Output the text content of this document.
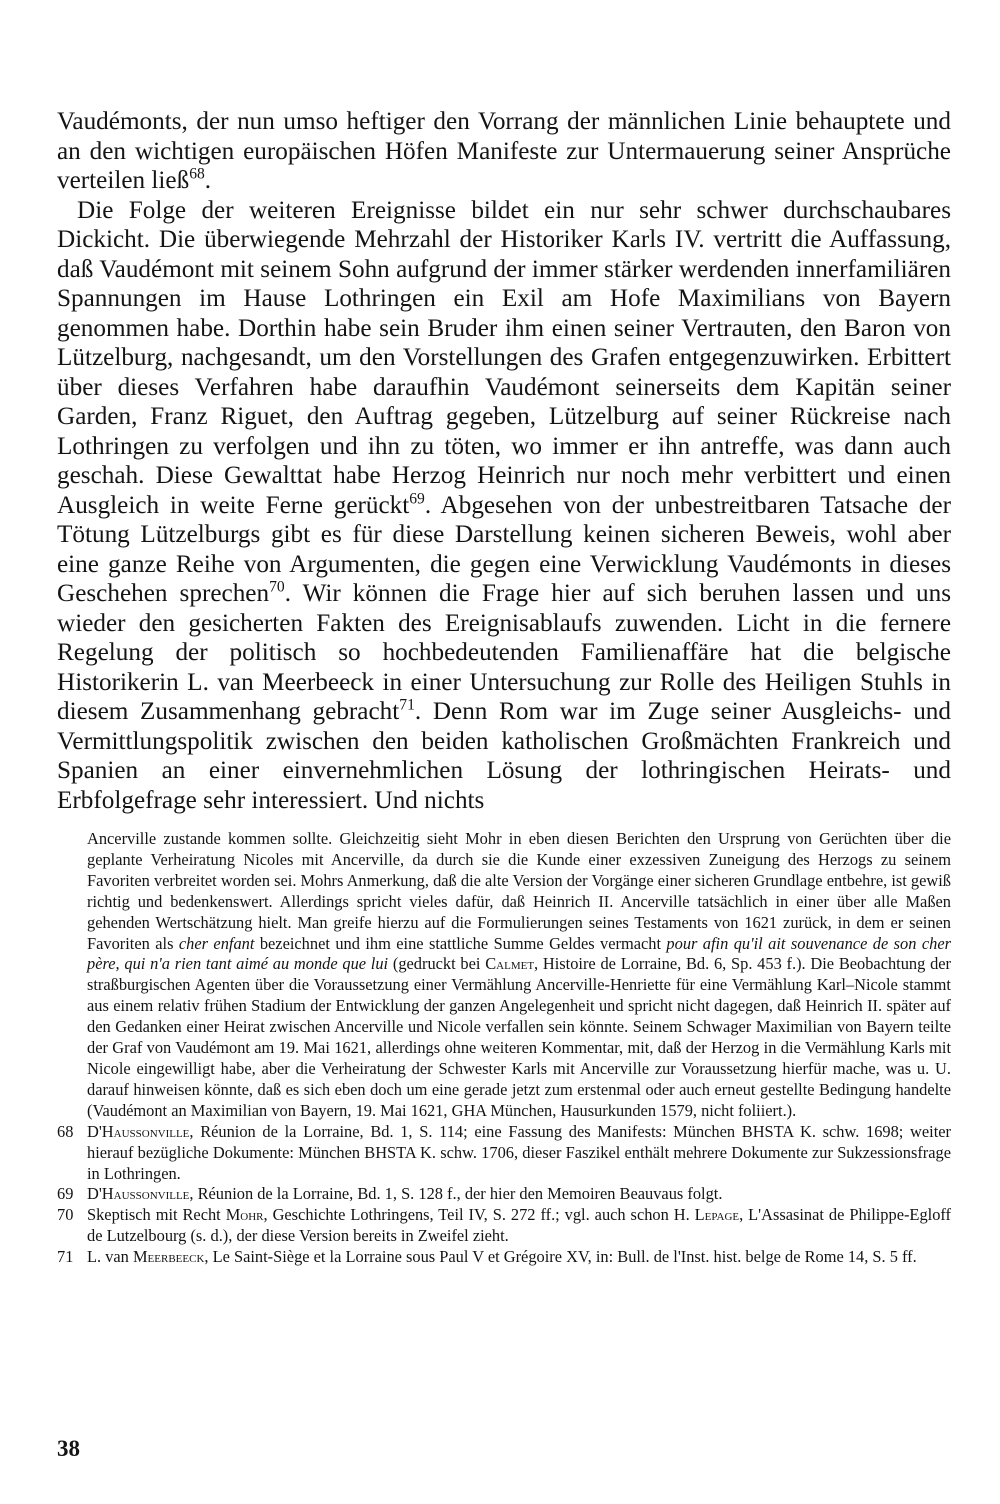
Vaudémonts, der nun umso heftiger den Vorrang der männlichen Linie behauptete und an den wichtigen europäischen Höfen Manifeste zur Untermauerung seiner Ansprüche verteilen ließ$^{68}$.

Die Folge der weiteren Ereignisse bildet ein nur sehr schwer durchschaubares Dickicht. Die überwiegende Mehrzahl der Historiker Karls IV. vertritt die Auffassung, daß Vaudémont mit seinem Sohn aufgrund der immer stärker werdenden innerfamiliären Spannungen im Hause Lothringen ein Exil am Hofe Maximilians von Bayern genommen habe. Dorthin habe sein Bruder ihm einen seiner Vertrauten, den Baron von Lützelburg, nachgesandt, um den Vorstellungen des Grafen entgegenzuwirken. Erbittert über dieses Verfahren habe daraufhin Vaudémont seinerseits dem Kapitän seiner Garden, Franz Riguet, den Auftrag gegeben, Lützelburg auf seiner Rückreise nach Lothringen zu verfolgen und ihn zu töten, wo immer er ihn antreffe, was dann auch geschah. Diese Gewalttat habe Herzog Heinrich nur noch mehr verbittert und einen Ausgleich in weite Ferne gerückt$^{69}$. Abgesehen von der unbestreitbaren Tatsache der Tötung Lützelburgs gibt es für diese Darstellung keinen sicheren Beweis, wohl aber eine ganze Reihe von Argumenten, die gegen eine Verwicklung Vaudémonts in dieses Geschehen sprechen$^{70}$. Wir können die Frage hier auf sich beruhen lassen und uns wieder den gesicherten Fakten des Ereignisablaufs zuwenden. Licht in die fernere Regelung der politisch so hochbedeutenden Familienaffäre hat die belgische Historikerin L. van Meerbeeck in einer Untersuchung zur Rolle des Heiligen Stuhls in diesem Zusammenhang gebracht$^{71}$. Denn Rom war im Zuge seiner Ausgleichs- und Vermittlungspolitik zwischen den beiden katholischen Großmächten Frankreich und Spanien an einer einvernehmlichen Lösung der lothringischen Heirats- und Erbfolgefrage sehr interessiert. Und nichts

Ancerville zustande kommen sollte. Gleichzeitig sieht Mohr in eben diesen Berichten den Ursprung von Gerüchten über die geplante Verheiratung Nicoles mit Ancerville, da durch sie die Kunde einer exzessiven Zuneigung des Herzogs zu seinem Favoriten verbreitet worden sei. Mohrs Anmerkung, daß die alte Version der Vorgänge einer sicheren Grundlage entbehre, ist gewiß richtig und bedenkenswert. Allerdings spricht vieles dafür, daß Heinrich II. Ancerville tatsächlich in einer über alle Maßen gehenden Wertschätzung hielt. Man greife hierzu auf die Formulierungen seines Testaments von 1621 zurück, in dem er seinen Favoriten als cher enfant bezeichnet und ihm eine stattliche Summe Geldes vermacht pour afin qu'il ait souvenance de son cher père, qui n'a rien tant aimé au monde que lui (gedruckt bei Calmet, Histoire de Lorraine, Bd. 6, Sp. 453 f.). Die Beobachtung der straßburgischen Agenten über die Voraussetzung einer Vermählung Ancerville-Henriette für eine Vermählung Karl–Nicole stammt aus einem relativ frühen Stadium der Entwicklung der ganzen Angelegenheit und spricht nicht dagegen, daß Heinrich II. später auf den Gedanken einer Heirat zwischen Ancerville und Nicole verfallen sein könnte. Seinem Schwager Maximilian von Bayern teilte der Graf von Vaudémont am 19. Mai 1621, allerdings ohne weiteren Kommentar, mit, daß der Herzog in die Vermählung Karls mit Nicole eingewilligt habe, aber die Verheiratung der Schwester Karls mit Ancerville zur Voraussetzung hierfür mache, was u. U. darauf hinweisen könnte, daß es sich eben doch um eine gerade jetzt zum erstenmal oder auch erneut gestellte Bedingung handelte (Vaudémont an Maximilian von Bayern, 19. Mai 1621, GHA München, Hausurkunden 1579, nicht foliiert.).

68 D'Haussonville, Réunion de la Lorraine, Bd. 1, S. 114; eine Fassung des Manifests: München BHSTA K. schw. 1698; weiter hierauf bezügliche Dokumente: München BHSTA K. schw. 1706, dieser Faszikel enthält mehrere Dokumente zur Sukzessionsfrage in Lothringen.

69 D'Haussonville, Réunion de la Lorraine, Bd. 1, S. 128 f., der hier den Memoiren Beauvaus folgt.

70 Skeptisch mit Recht Mohr, Geschichte Lothringens, Teil IV, S. 272 ff.; vgl. auch schon H. Lepage, L'Assasinat de Philippe-Egloff de Lutzelbourg (s. d.), der diese Version bereits in Zweifel zieht.

71 L. van Meerbeeck, Le Saint-Siège et la Lorraine sous Paul V et Grégoire XV, in: Bull. de l'Inst. hist. belge de Rome 14, S. 5 ff.

38
